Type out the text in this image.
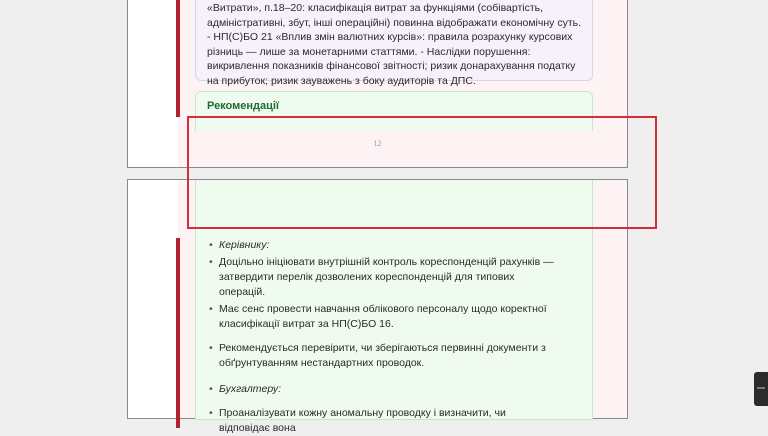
«Витрати», п.18–20: класифікація витрат за функціями (собівартість, адміністративні, збут, інші операційні) повинна відображати економічну суть. - НП(С)БО 21 «Вплив змін валютних курсів»: правила розрахунку курсових різниць — лише за монетарними статтями. - Наслідки порушення: викривлення показників фінансової звітності; ризик донарахування податку на прибуток; ризик зауважень з боку аудиторів та ДПС.

Рекомендації
12
• Керівнику:
• Доцільно ініціювати внутрішній контроль кореспонденцій рахунків — затвердити перелік дозволених кореспонденцій для типових операцій.
• Має сенс провести навчання облікового персоналу щодо коректної класифікації витрат за НП(С)БО 16.
• Рекомендується перевірити, чи зберігаються первинні документи з обґрунтуванням нестандартних проводок.
• Бухгалтеру:
• Проаналізувати кожну аномальну проводку і визначити, чи відповідає вона
